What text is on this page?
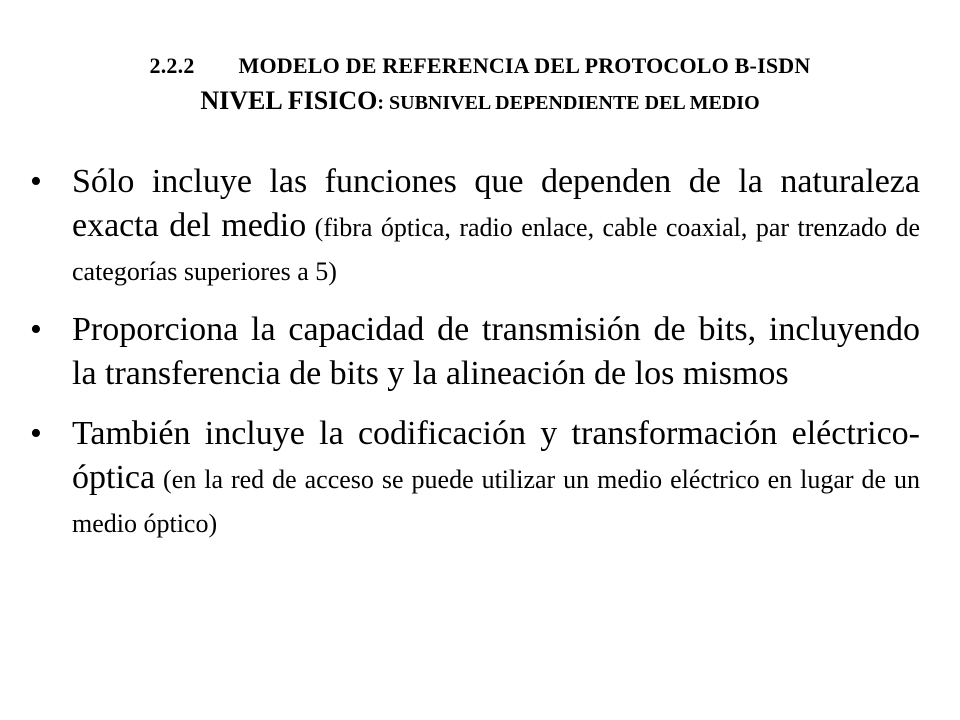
2.2.2 MODELO DE REFERENCIA DEL PROTOCOLO B-ISDN
NIVEL FISICO: SUBNIVEL DEPENDIENTE DEL MEDIO
• Sólo incluye las funciones que dependen de la naturaleza exacta del medio (fibra óptica, radio enlace, cable coaxial, par trenzado de categorías superiores a 5)
• Proporciona la capacidad de transmisión de bits, incluyendo la transferencia de bits y la alineación de los mismos
• También incluye la codificación y transformación eléctrico-óptica (en la red de acceso se puede utilizar un medio eléctrico en lugar de un medio óptico)
